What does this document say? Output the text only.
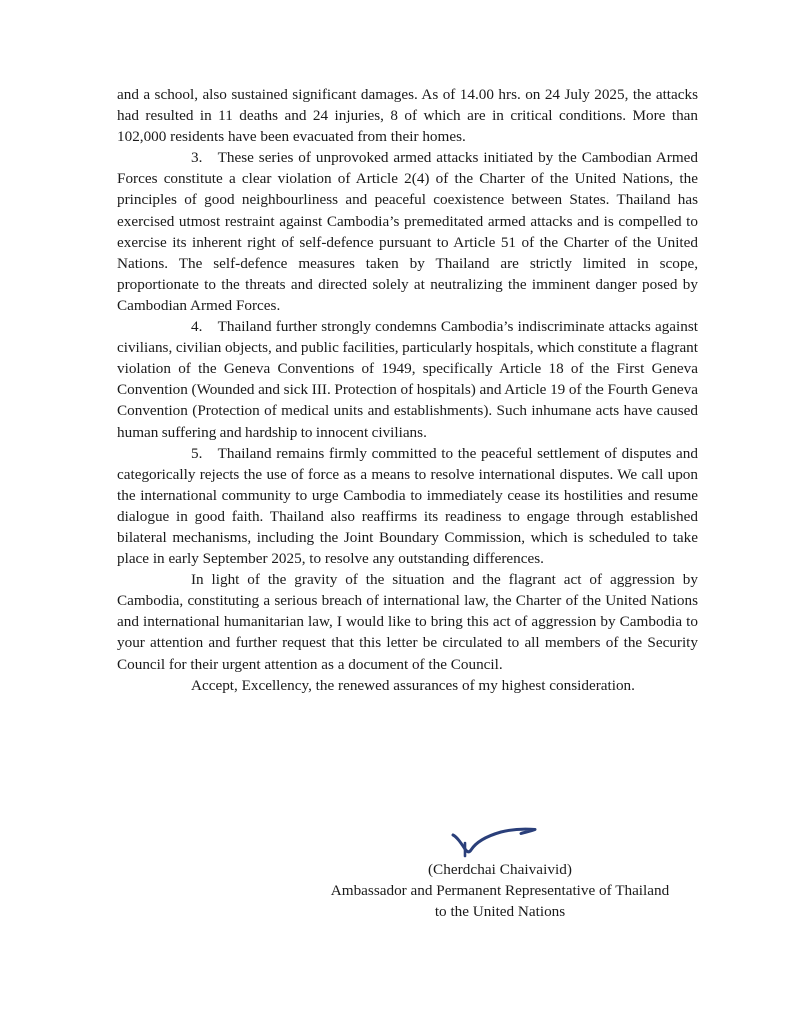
and a school, also sustained significant damages. As of 14.00 hrs. on 24 July 2025, the attacks had resulted in 11 deaths and 24 injuries, 8 of which are in critical conditions. More than 102,000 residents have been evacuated from their homes.

3. These series of unprovoked armed attacks initiated by the Cambodian Armed Forces constitute a clear violation of Article 2(4) of the Charter of the United Nations, the principles of good neighbourliness and peaceful coexistence between States. Thailand has exercised utmost restraint against Cambodia’s premeditated armed attacks and is compelled to exercise its inherent right of self-defence pursuant to Article 51 of the Charter of the United Nations. The self-defence measures taken by Thailand are strictly limited in scope, proportionate to the threats and directed solely at neutralizing the imminent danger posed by Cambodian Armed Forces.

4. Thailand further strongly condemns Cambodia’s indiscriminate attacks against civilians, civilian objects, and public facilities, particularly hospitals, which constitute a flagrant violation of the Geneva Conventions of 1949, specifically Article 18 of the First Geneva Convention (Wounded and sick III. Protection of hospitals) and Article 19 of the Fourth Geneva Convention (Protection of medical units and establishments). Such inhumane acts have caused human suffering and hardship to innocent civilians.

5. Thailand remains firmly committed to the peaceful settlement of disputes and categorically rejects the use of force as a means to resolve international disputes. We call upon the international community to urge Cambodia to immediately cease its hostilities and resume dialogue in good faith. Thailand also reaffirms its readiness to engage through established bilateral mechanisms, including the Joint Boundary Commission, which is scheduled to take place in early September 2025, to resolve any outstanding differences.

In light of the gravity of the situation and the flagrant act of aggression by Cambodia, constituting a serious breach of international law, the Charter of the United Nations and international humanitarian law, I would like to bring this act of aggression by Cambodia to your attention and further request that this letter be circulated to all members of the Security Council for their urgent attention as a document of the Council.

Accept, Excellency, the renewed assurances of my highest consideration.

(Cherdchai Chaivaivid)
Ambassador and Permanent Representative of Thailand
to the United Nations
